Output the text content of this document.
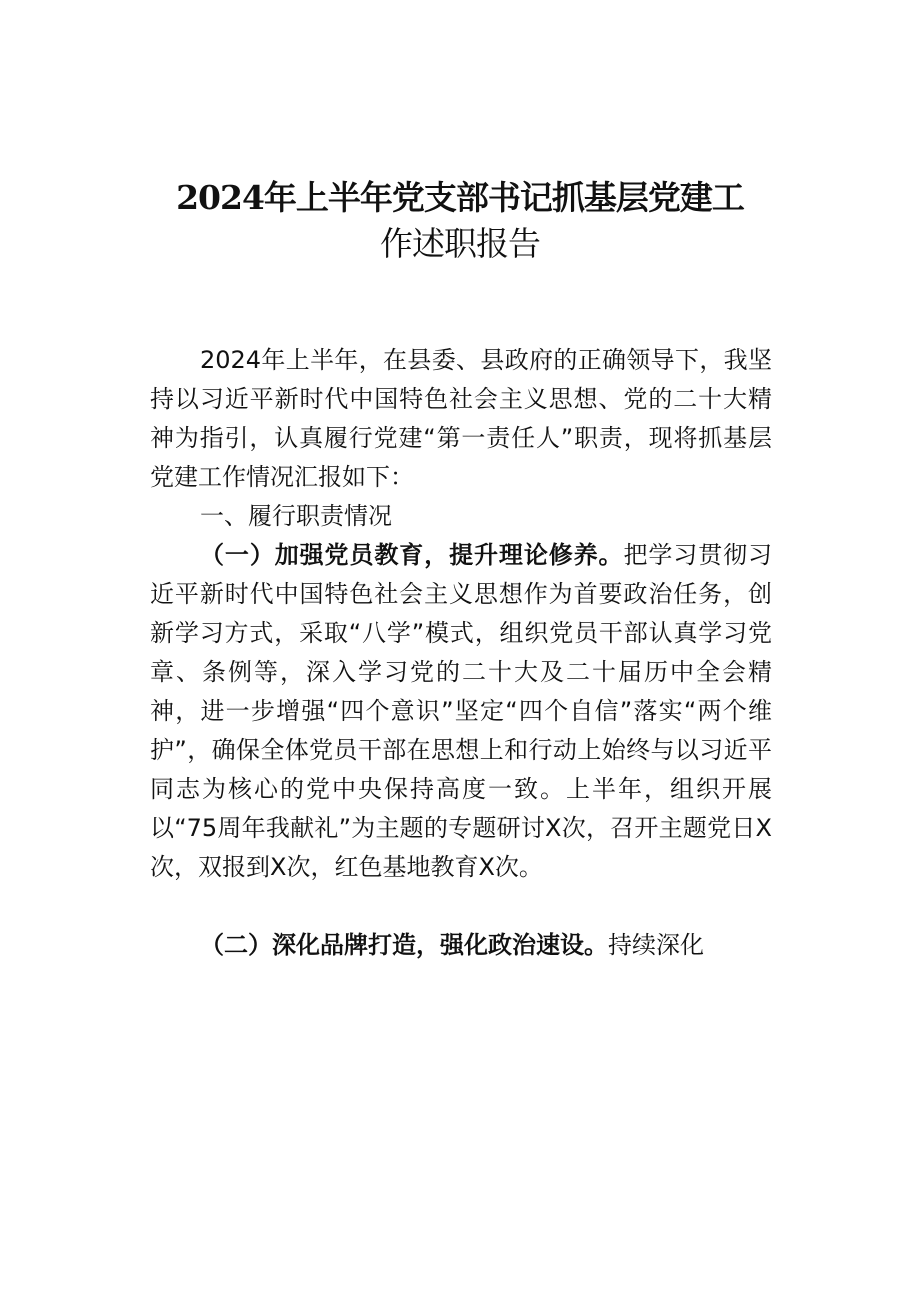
2024年上半年党支部书记抓基层党建工
作述职报告

2024年上半年，在县委、县政府的正确领导下，我坚持以习近平新时代中国特色社会主义思想、党的二十大精神为指引，认真履行党建“第一责任人”职责，现将抓基层党建工作情况汇报如下：

一、履行职责情况

（一）加强党员教育，提升理论修养。把学习贯彻习近平新时代中国特色社会主义思想作为首要政治任务，创新学习方式，采取“八学”模式，组织党员干部认真学习党章、条例等，深入学习党的二十大及二十届历中全会精神，进一步增强“四个意识”坚定“四个自信”落实“两个维护”，确保全体党员干部在思想上和行动上始终与以习近平同志为核心的党中央保持高度一致。上半年，组织开展以“75周年我献礼”为主题的专题研讨X次，召开主题党日X次，双报到X次，红色基地教育X次。

（二）深化品牌打造，强化政治速设。持续深化
